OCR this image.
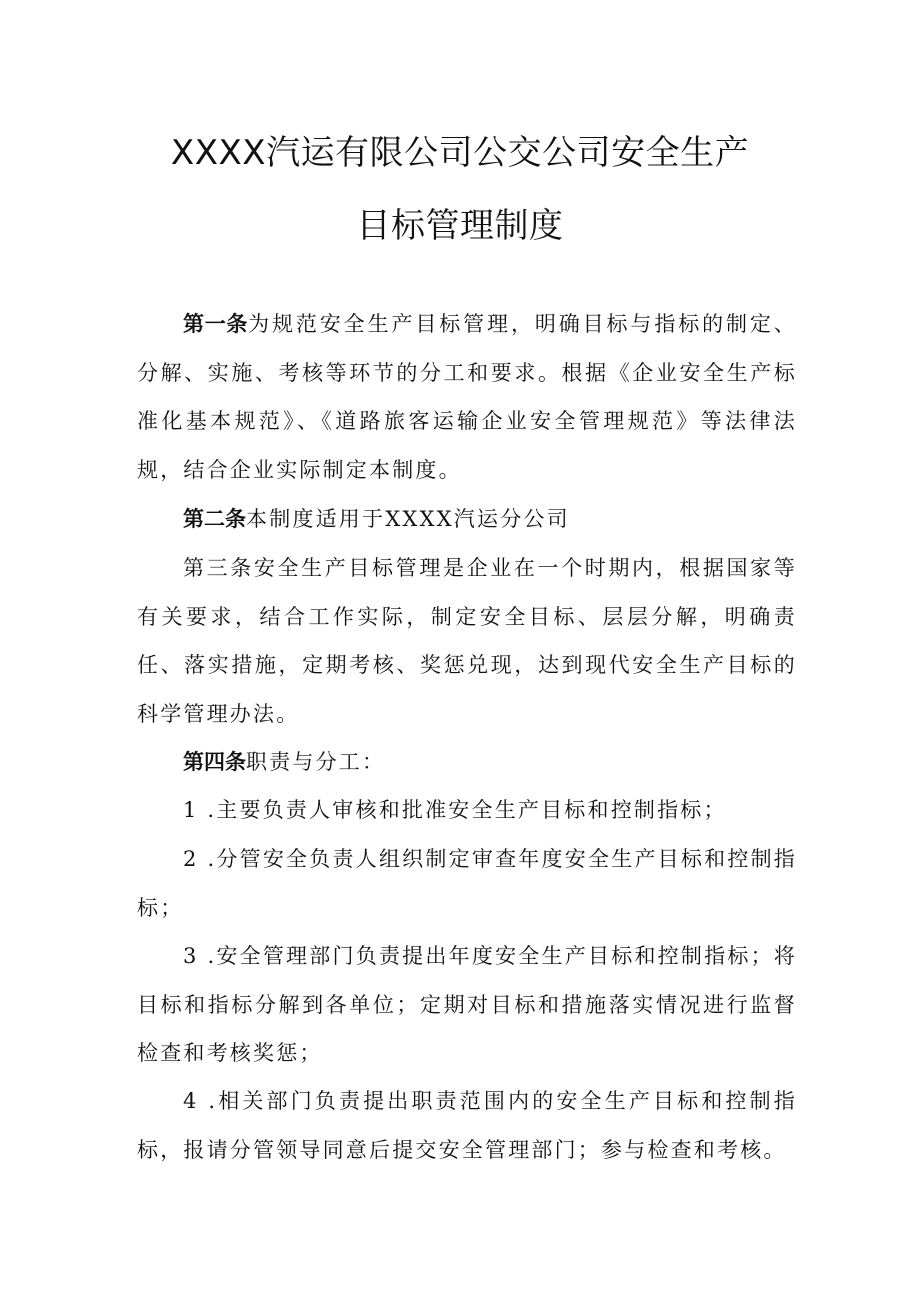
XXXX汽运有限公司公交公司安全生产
目标管理制度

第一条为规范安全生产目标管理，明确目标与指标的制定、分解、实施、考核等环节的分工和要求。根据《企业安全生产标准化基本规范》、《道路旅客运输企业安全管理规范》等法律法规，结合企业实际制定本制度。

第二条本制度适用于XXXX汽运分公司

第三条安全生产目标管理是企业在一个时期内，根据国家等有关要求，结合工作实际，制定安全目标、层层分解，明确责任、落实措施，定期考核、奖惩兑现，达到现代安全生产目标的科学管理办法。

第四条职责与分工：

1 .主要负责人审核和批准安全生产目标和控制指标；

2 .分管安全负责人组织制定审查年度安全生产目标和控制指标；

3 .安全管理部门负责提出年度安全生产目标和控制指标；将目标和指标分解到各单位；定期对目标和措施落实情况进行监督检查和考核奖惩；

4 .相关部门负责提出职责范围内的安全生产目标和控制指标，报请分管领导同意后提交安全管理部门；参与检查和考核。
